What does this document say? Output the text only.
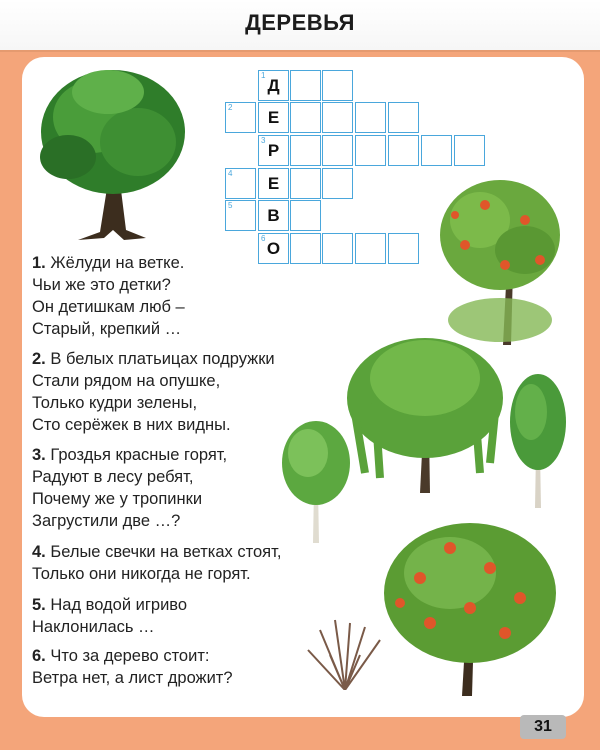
ДЕРЕВЬЯ
1
Д
2
Е
3
Р
4
Е
5
В
6
О
1. Жёлуди на ветке.
Чьи же это детки?
Он детишкам люб –
Старый, крепкий …
2. В белых платьицах подружки
Стали рядом на опушке,
Только кудри зелены,
Сто серёжек в них видны.
3. Гроздья красные горят,
Радуют в лесу ребят,
Почему же у тропинки
Загрустили две …?
4. Белые свечки на ветках стоят,
Только они никогда не горят.
5. Над водой игриво
Наклонилась …
6. Что за дерево стоит:
Ветра нет, а лист дрожит?
31
